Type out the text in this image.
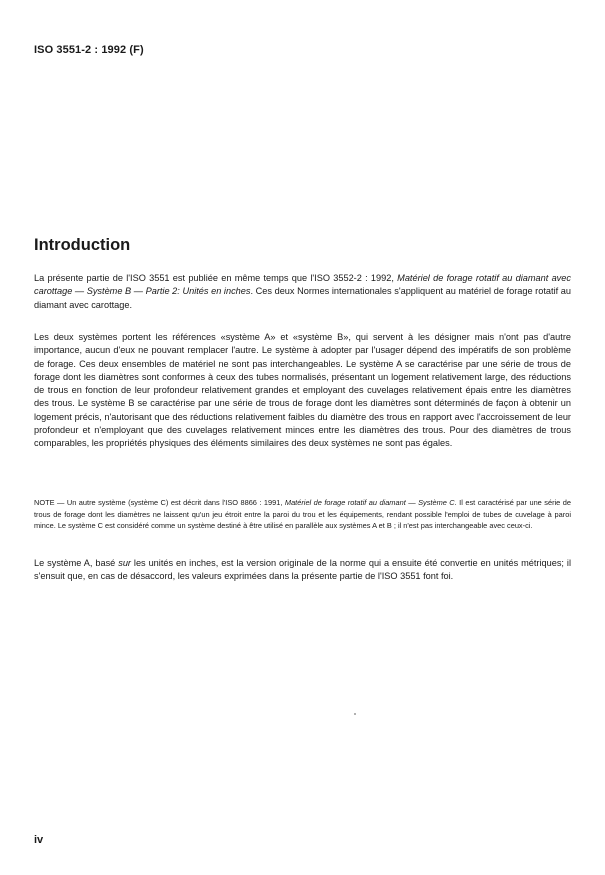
ISO 3551-2 : 1992 (F)
Introduction

La présente partie de l'ISO 3551 est publiée en même temps que l'ISO 3552-2 : 1992, Matériel de forage rotatif au diamant avec carottage — Système B — Partie 2: Unités en inches. Ces deux Normes internationales s'appliquent au matériel de forage rotatif au diamant avec carottage.

Les deux systèmes portent les références «système A» et «système B», qui servent à les désigner mais n'ont pas d'autre importance, aucun d'eux ne pouvant remplacer l'autre. Le système à adopter par l'usager dépend des impératifs de son problème de forage. Ces deux ensembles de matériel ne sont pas interchangeables. Le système A se caractérise par une série de trous de forage dont les diamètres sont conformes à ceux des tubes normalisés, présentant un logement relativement large, des réductions de trous en fonction de leur profondeur relativement grandes et employant des cuvelages relativement épais entre les diamètres des trous. Le système B se caractérise par une série de trous de forage dont les diamètres sont déterminés de façon à obtenir un logement précis, n'autorisant que des réductions relativement faibles du diamètre des trous en rapport avec l'accroissement de leur profondeur et n'employant que des cuvelages relativement minces entre les diamètres des trous. Pour des diamètres de trous comparables, les propriétés physiques des éléments similaires des deux systèmes ne sont pas égales.

NOTE — Un autre système (système C) est décrit dans l'ISO 8866 : 1991, Matériel de forage rotatif au diamant — Système C. Il est caractérisé par une série de trous de forage dont les diamètres ne laissent qu'un jeu étroit entre la paroi du trou et les équipements, rendant possible l'emploi de tubes de cuvelage à paroi mince. Le système C est considéré comme un système destiné à être utilisé en parallèle aux systèmes A et B ; il n'est pas interchangeable avec ceux-ci.

Le système A, basé sur les unités en inches, est la version originale de la norme qui a ensuite été convertie en unités métriques; il s'ensuit que, en cas de désaccord, les valeurs exprimées dans la présente partie de l'ISO 3551 font foi.

iv
